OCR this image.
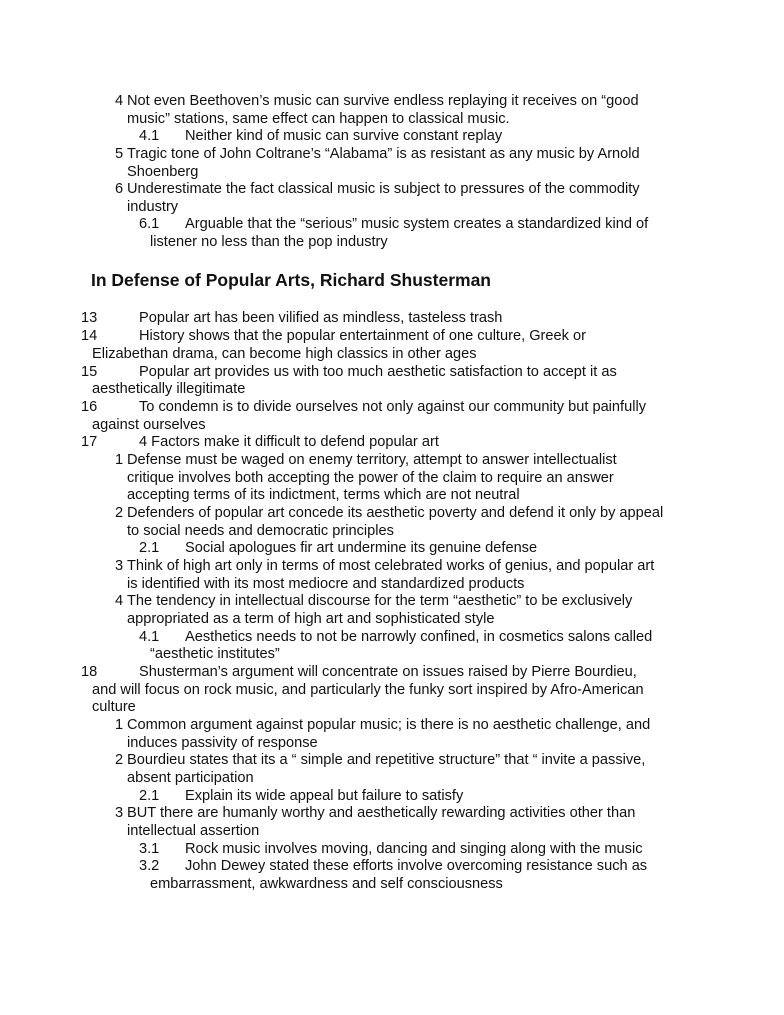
4 Not even Beethoven’s music can survive endless replaying it receives on “good
music” stations, same effect can happen to classical music.
4.1 Neither kind of music can survive constant replay
5 Tragic tone of John Coltrane’s “Alabama” is as resistant as any music by Arnold
Shoenberg
6 Underestimate the fact classical music is subject to pressures of the commodity
industry
6.1 Arguable that the “serious” music system creates a standardized kind of
listener no less than the pop industry
In Defense of Popular Arts, Richard Shusterman
13	Popular art has been vilified as mindless, tasteless trash
14	History shows that the popular entertainment of one culture, Greek or
Elizabethan drama, can become high classics in other ages
15	Popular art provides us with too much aesthetic satisfaction to accept it as
aesthetically illegitimate
16	To condemn is to divide ourselves not only against our community but painfully
against ourselves
17	4 Factors make it difficult to defend popular art
1 Defense must be waged on enemy territory, attempt to answer intellectualist
critique involves both accepting the power of the claim to require an answer
accepting terms of its indictment, terms which are not neutral
2 Defenders of popular art concede its aesthetic poverty and defend it only by appeal
to social needs and democratic principles
2.1 Social apologues fir art undermine its genuine defense
3 Think of high art only in terms of most celebrated works of genius, and popular art
is identified with its most mediocre and standardized products
4 The tendency in intellectual discourse for the term “aesthetic” to be exclusively
appropriated as a term of high art and sophisticated style
4.1 Aesthetics needs to not be narrowly confined, in cosmetics salons called
“aesthetic institutes”
18	Shusterman’s argument will concentrate on issues raised by Pierre Bourdieu,
and will focus on rock music, and particularly the funky sort inspired by Afro-American
culture
1 Common argument against popular music; is there is no aesthetic challenge, and
induces passivity of response
2 Bourdieu states that its a “ simple and repetitive structure” that “ invite a passive,
absent participation
2.1 Explain its wide appeal but failure to satisfy
3 BUT there are humanly worthy and aesthetically rewarding activities other than
intellectual assertion
3.1 Rock music involves moving, dancing and singing along with the music
3.2 John Dewey stated these efforts involve overcoming resistance such as
embarrassment, awkwardness and self consciousness
